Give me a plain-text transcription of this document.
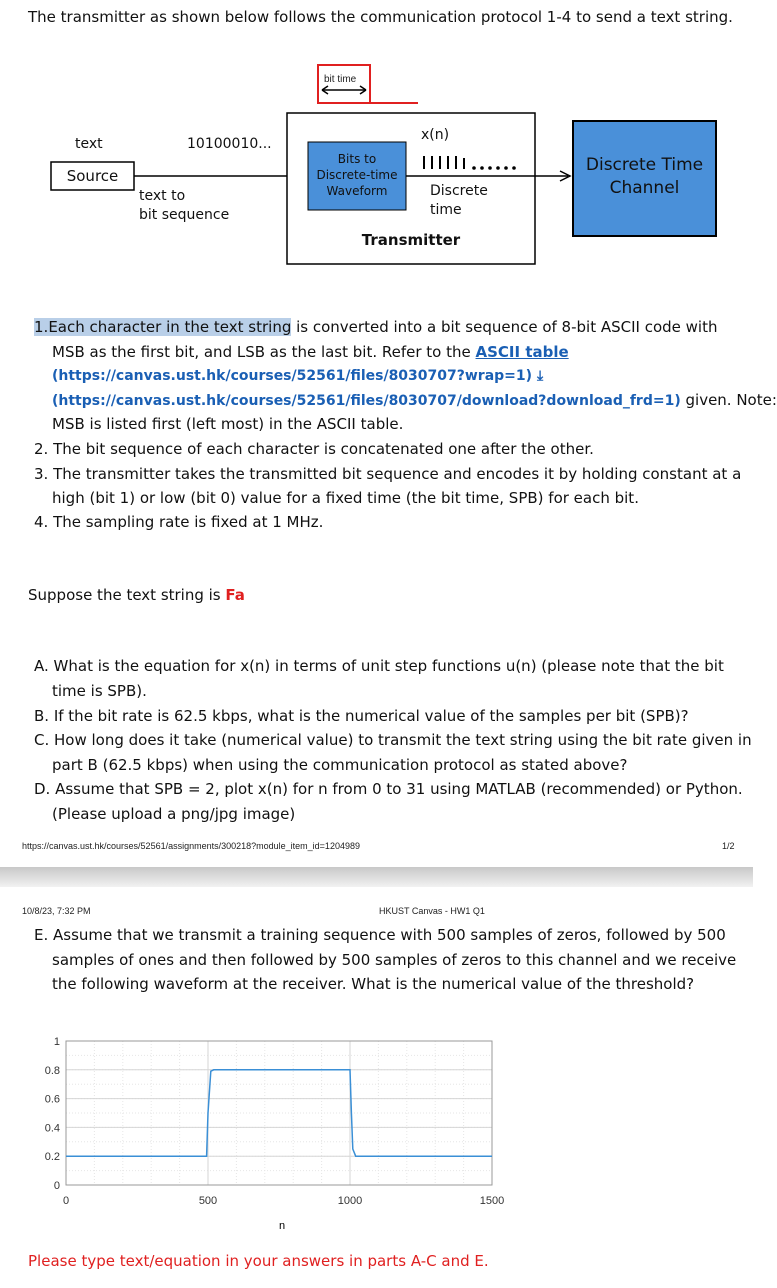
The transmitter as shown below follows the communication protocol 1-4 to send a text string.
bit time
text	10100010...
Source
text to
bit sequence
Bits to
Discrete-time
Waveform
x(n)
Discrete
time
Transmitter
Discrete Time
Channel
1.Each character in the text string is converted into a bit sequence of 8-bit ASCII code with
MSB as the first bit, and LSB as the last bit. Refer to the ASCII table
(https://canvas.ust.hk/courses/52561/files/8030707?wrap=1) ⤓
(https://canvas.ust.hk/courses/52561/files/8030707/download?download_frd=1) given. Note:
MSB is listed first (left most) in the ASCII table.
2. The bit sequence of each character is concatenated one after the other.
3. The transmitter takes the transmitted bit sequence and encodes it by holding constant at a
high (bit 1) or low (bit 0) value for a fixed time (the bit time, SPB) for each bit.
4. The sampling rate is fixed at 1 MHz.
Suppose the text string is Fa
A. What is the equation for x(n) in terms of unit step functions u(n) (please note that the bit
time is SPB).
B. If the bit rate is 62.5 kbps, what is the numerical value of the samples per bit (SPB)?
C. How long does it take (numerical value) to transmit the text string using the bit rate given in
part B (62.5 kbps) when using the communication protocol as stated above?
D. Assume that SPB = 2, plot x(n) for n from 0 to 31 using MATLAB (recommended) or Python.
(Please upload a png/jpg image)
https://canvas.ust.hk/courses/52561/assignments/300218?module_item_id=1204989	1/2
10/8/23, 7:32 PM	HKUST Canvas - HW1 Q1
E. Assume that we transmit a training sequence with 500 samples of zeros, followed by 500
samples of ones and then followed by 500 samples of zeros to this channel and we receive
the following waveform at the receiver. What is the numerical value of the threshold?
0
0.2
0.4
0.6
0.8
1
0	500	1000	1500
n
Please type text/equation in your answers in parts A-C and E.
